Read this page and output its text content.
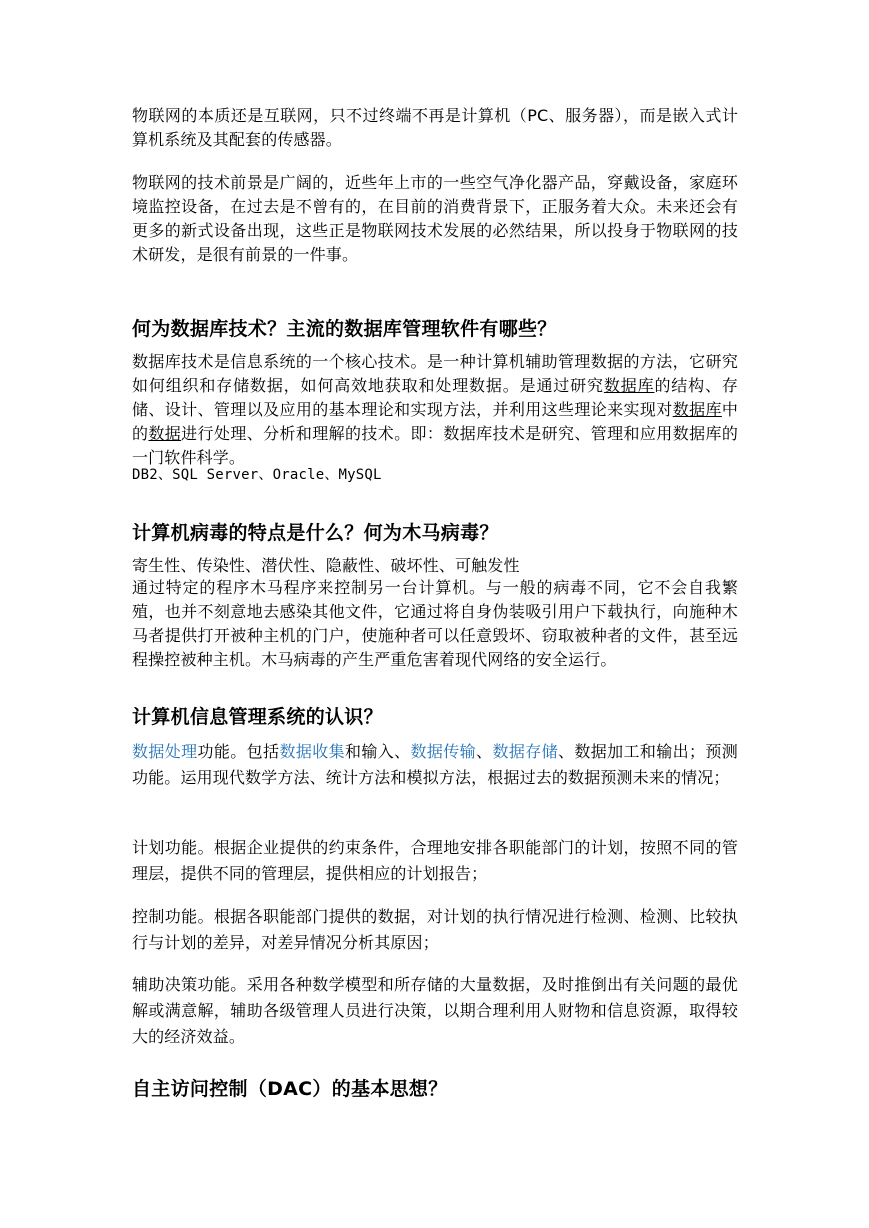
物联网的本质还是互联网，只不过终端不再是计算机（PC、服务器），而是嵌入式计算机系统及其配套的传感器。

物联网的技术前景是广阔的，近些年上市的一些空气净化器产品，穿戴设备，家庭环境监控设备，在过去是不曾有的，在目前的消费背景下，正服务着大众。未来还会有更多的新式设备出现，这些正是物联网技术发展的必然结果，所以投身于物联网的技术研发，是很有前景的一件事。

何为数据库技术？主流的数据库管理软件有哪些？

数据库技术是信息系统的一个核心技术。是一种计算机辅助管理数据的方法，它研究如何组织和存储数据，如何高效地获取和处理数据。是通过研究数据库的结构、存储、设计、管理以及应用的基本理论和实现方法，并利用这些理论来实现对数据库中的数据进行处理、分析和理解的技术。即：数据库技术是研究、管理和应用数据库的一门软件科学。

DB2、SQL Server、Oracle、MySQL

计算机病毒的特点是什么？何为木马病毒？

寄生性、传染性、潜伏性、隐蔽性、破坏性、可触发性

通过特定的程序木马程序来控制另一台计算机。与一般的病毒不同，它不会自我繁殖，也并不刻意地去感染其他文件，它通过将自身伪装吸引用户下载执行，向施种木马者提供打开被种主机的门户，使施种者可以任意毁坏、窃取被种者的文件，甚至远程操控被种主机。木马病毒的产生严重危害着现代网络的安全运行。

计算机信息管理系统的认识？

数据处理功能。包括数据收集和输入、数据传输、数据存储、数据加工和输出；预测功能。运用现代数学方法、统计方法和模拟方法，根据过去的数据预测未来的情况；

计划功能。根据企业提供的约束条件，合理地安排各职能部门的计划，按照不同的管理层，提供不同的管理层，提供相应的计划报告；

控制功能。根据各职能部门提供的数据，对计划的执行情况进行检测、检测、比较执行与计划的差异，对差异情况分析其原因；

辅助决策功能。采用各种数学模型和所存储的大量数据，及时推倒出有关问题的最优解或满意解，辅助各级管理人员进行决策，以期合理利用人财物和信息资源，取得较大的经济效益。

自主访问控制（DAC）的基本思想？
